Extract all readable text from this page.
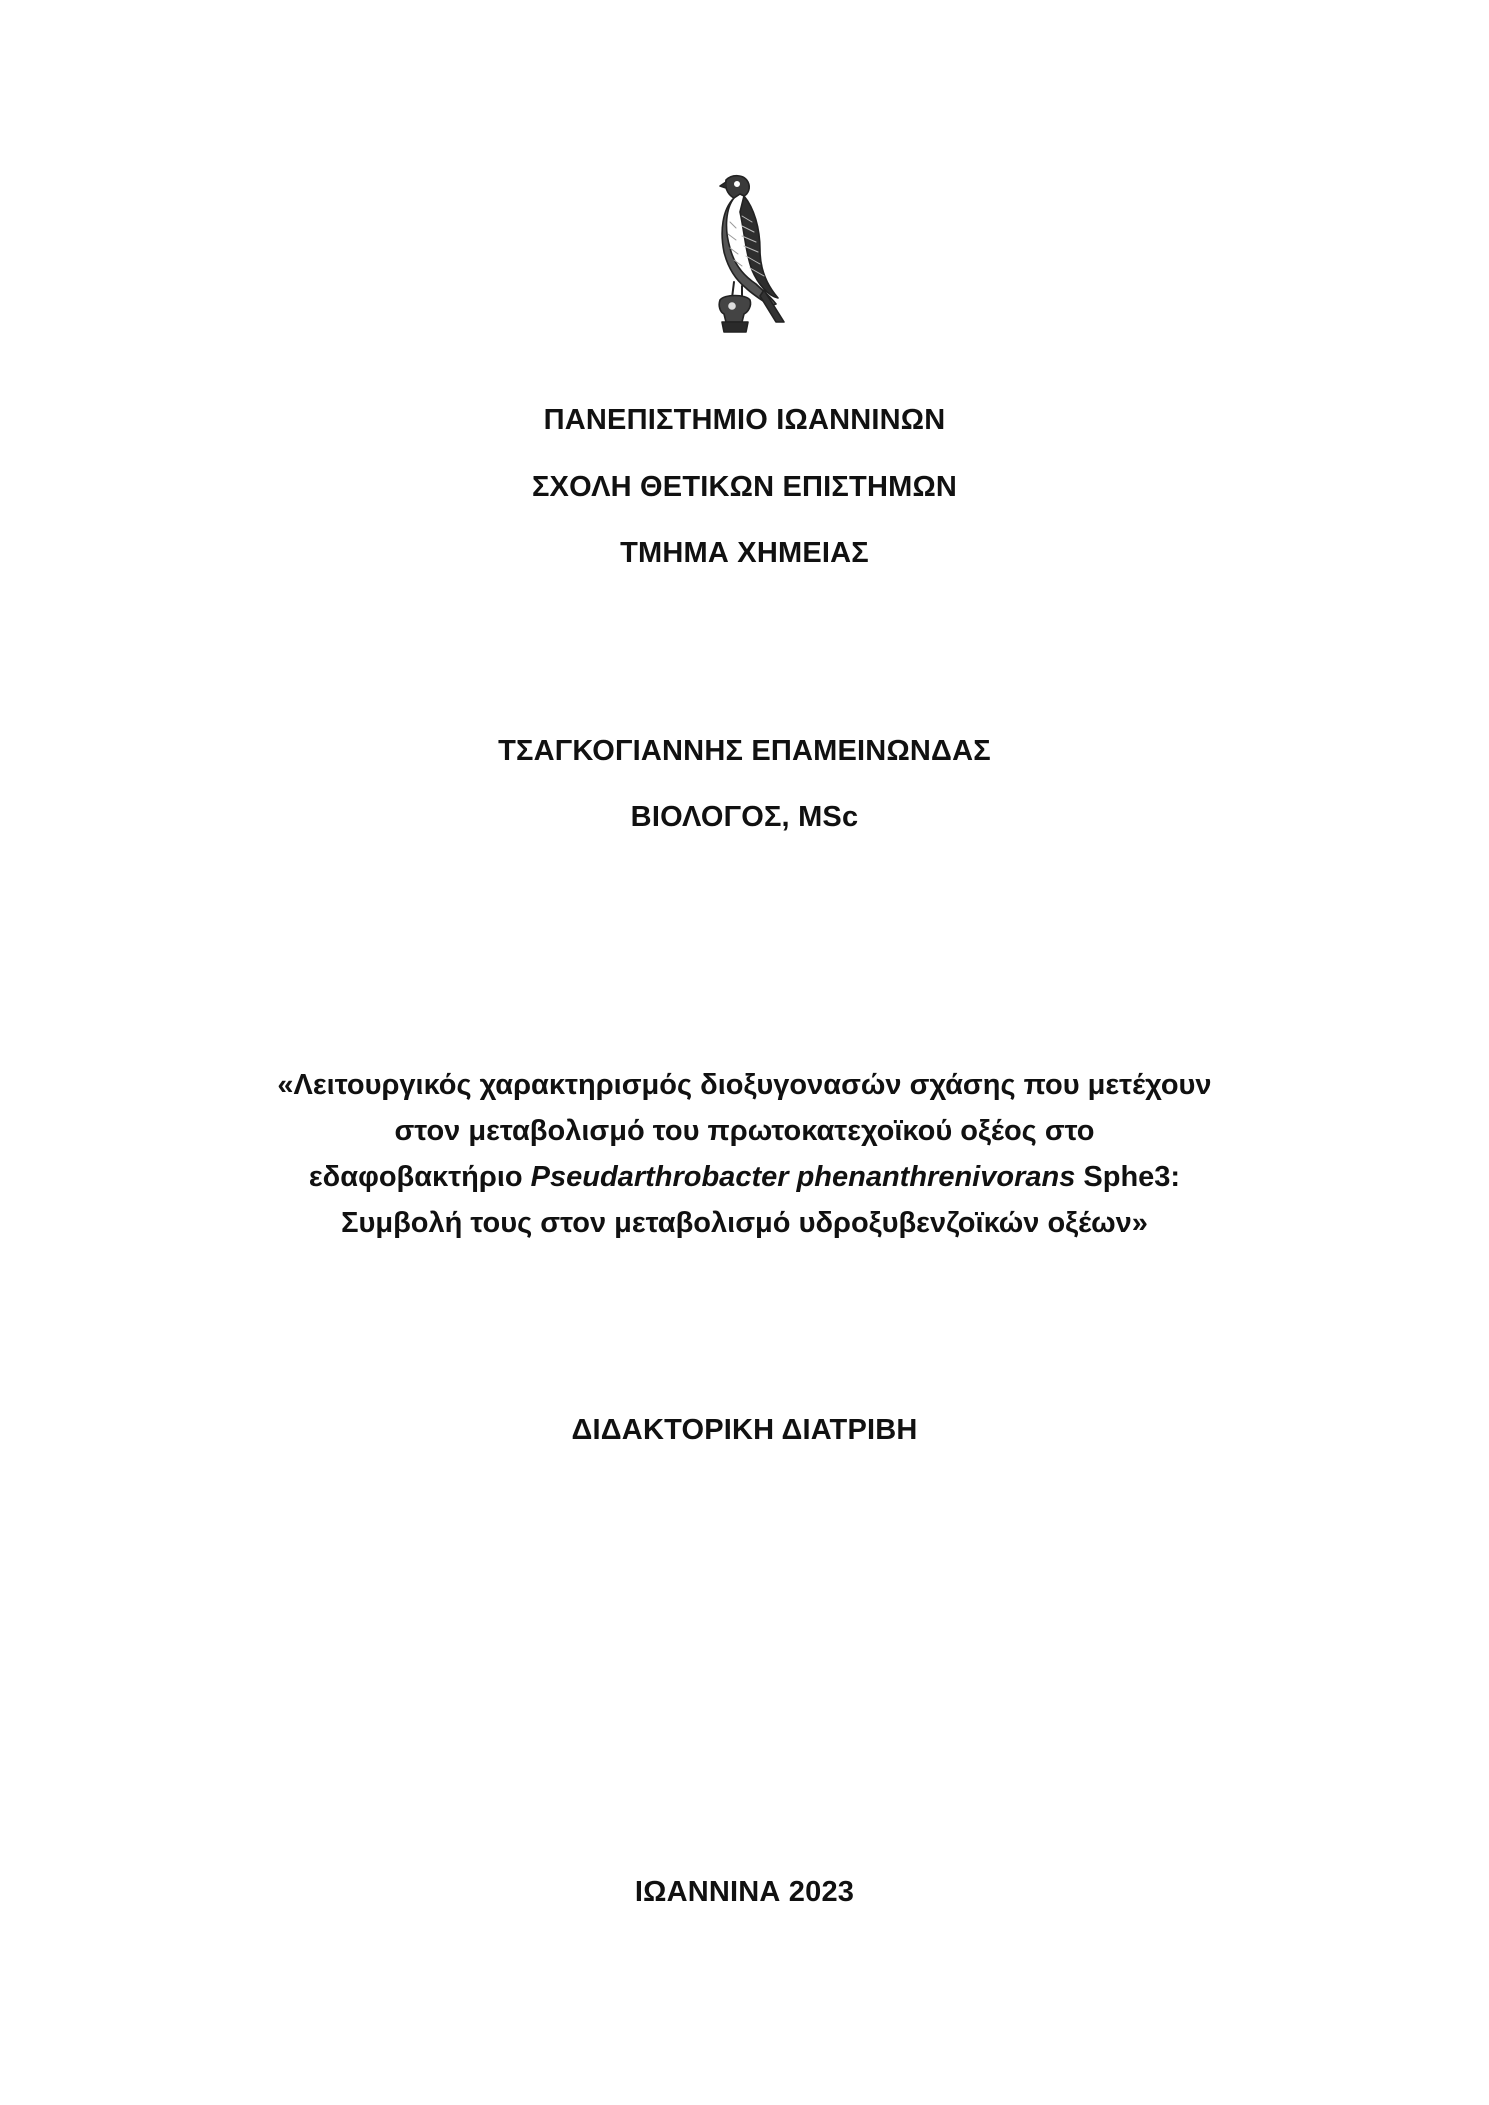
ΠΑΝΕΠΙΣΤΗΜΙΟ ΙΩΑΝΝΙΝΩΝ
ΣΧΟΛΗ ΘΕΤΙΚΩΝ ΕΠΙΣΤΗΜΩΝ
ΤΜΗΜΑ ΧΗΜΕΙΑΣ
ΤΣΑΓΚΟΓΙΑΝΝΗΣ ΕΠΑΜΕΙΝΩΝΔΑΣ
ΒΙΟΛΟΓΟΣ, MSc
«Λειτουργικός χαρακτηρισμός διοξυγονασών σχάσης που μετέχουν
στον μεταβολισμό του πρωτοκατεχοϊκού οξέος στο
εδαφοβακτήριο Pseudarthrobacter phenanthrenivorans Sphe3:
Συμβολή τους στον μεταβολισμό υδροξυβενζοϊκών οξέων»
ΔΙΔΑΚΤΟΡΙΚΗ ΔΙΑΤΡΙΒΗ
ΙΩΑΝΝΙΝΑ 2023
